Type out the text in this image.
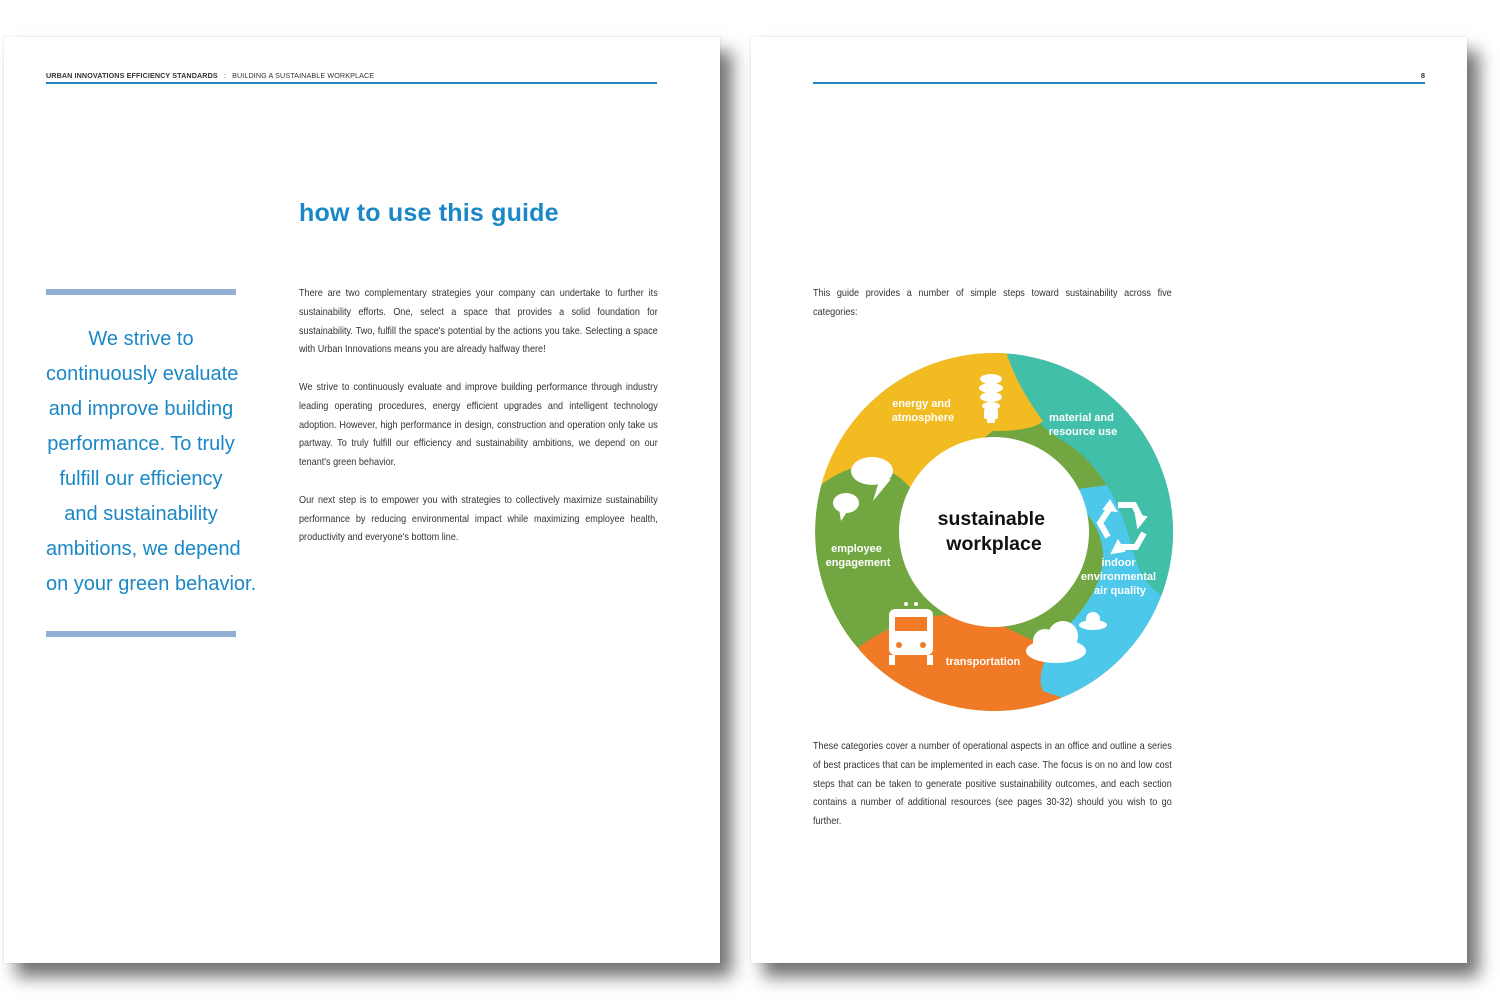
URBAN INNOVATIONS EFFICIENCY STANDARDS : BUILDING A SUSTAINABLE WORKPLACE
how to use this guide
We strive to
continuously evaluate
and improve building
performance. To truly
fulfill our efficiency
and sustainability
ambitions, we depend
on your green behavior.

There are two complementary strategies your company can undertake to further its sustainability efforts. One, select a space that provides a solid foundation for sustainability. Two, fulfill the space's potential by the actions you take. Selecting a space with Urban Innovations means you are already halfway there!

We strive to continuously evaluate and improve building performance through industry leading operating procedures, energy efficient upgrades and intelligent technology adoption. However, high performance in design, construction and operation only take us partway. To truly fulfill our efficiency and sustainability ambitions, we depend on our tenant's green behavior.

Our next step is to empower you with strategies to collectively maximize sustainability performance by reducing environmental impact while maximizing employee health, productivity and everyone's bottom line.

8

This guide provides a number of simple steps toward sustainability across five categories:

energy and atmosphere	material and resource use
indoor environmental air quality
transportation
employee engagement
sustainable workplace

These categories cover a number of operational aspects in an office and outline a series of best practices that can be implemented in each case. The focus is on no and low cost steps that can be taken to generate positive sustainability outcomes, and each section contains a number of additional resources (see pages 30-32) should you wish to go further.
